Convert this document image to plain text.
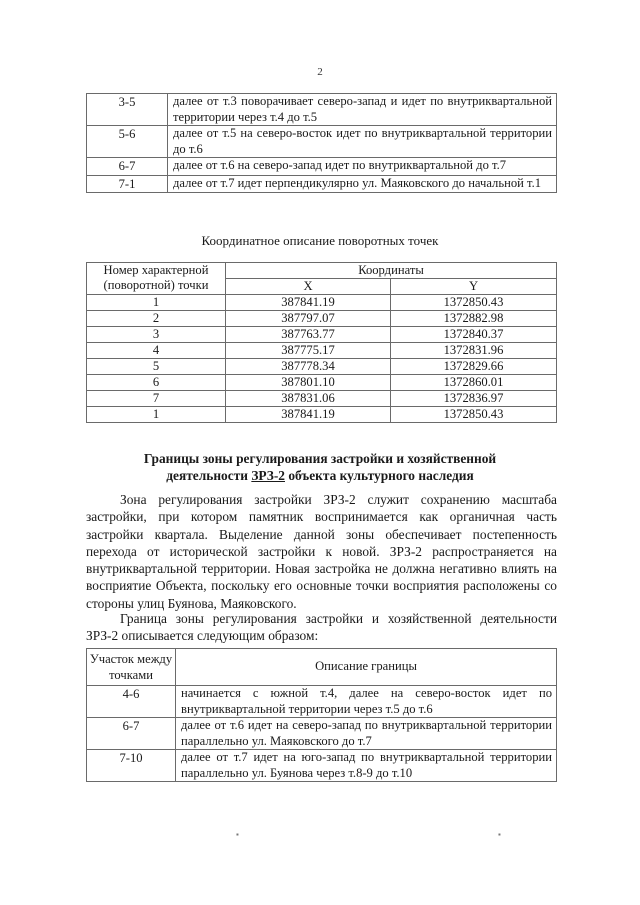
2
3-5	далее от т.3 поворачивает северо-запад и идет по внутриквартальной территории через т.4 до т.5
5-6	далее от т.5 на северо-восток идет по внутриквартальной территории до т.6
6-7	далее от т.6 на северо-запад идет по внутриквартальной до т.7
7-1	далее от т.7 идет перпендикулярно ул. Маяковского до начальной т.1
Координатное описание поворотных точек
Номер характерной (поворотной) точки	Координаты	
	X	Y
1	387841.19	1372850.43
2	387797.07	1372882.98
3	387763.77	1372840.37
4	387775.17	1372831.96
5	387778.34	1372829.66
6	387801.10	1372860.01
7	387831.06	1372836.97
1	387841.19	1372850.43
Границы зоны регулирования застройки и хозяйственной
деятельности ЗРЗ-2 объекта культурного наследия
Зона регулирования застройки ЗРЗ-2 служит сохранению масштаба застройки, при котором памятник воспринимается как органичная часть застройки квартала. Выделение данной зоны обеспечивает постепенность перехода от исторической застройки к новой. ЗРЗ-2 распространяется на внутриквартальной территории. Новая застройка не должна негативно влиять на восприятие Объекта, поскольку его основные точки восприятия расположены со стороны улиц Буянова, Маяковского.
Граница зоны регулирования застройки и хозяйственной деятельности ЗРЗ-2 описывается следующим образом:
Участок между точками	Описание границы
4-6	начинается с южной т.4, далее на северо-восток идет по внутриквартальной территории через т.5 до т.6
6-7	далее от т.6 идет на северо-запад по внутриквартальной территории параллельно ул. Маяковского до т.7
7-10	далее от т.7 идет на юго-запад по внутриквартальной территории параллельно ул. Буянова через т.8-9 до т.10
▪	▪
